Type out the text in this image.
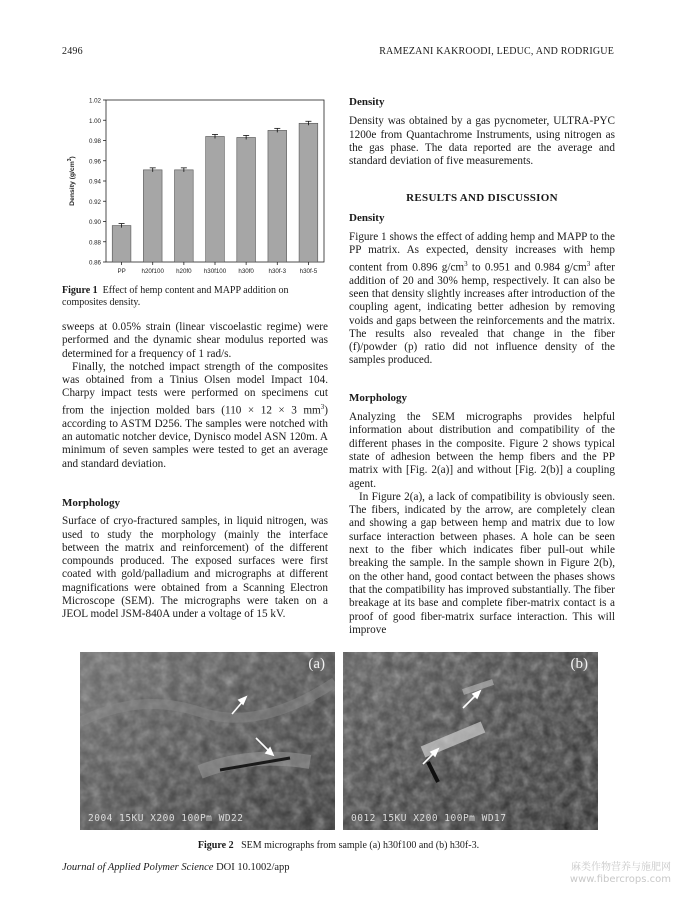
2496	RAMEZANI KAKROODI, LEDUC, AND RODRIGUE
0.86
0.88
0.90
0.92
0.94
0.96
0.98
1.00
1.02
PP	h20f100 h20f0 h30f100 h30f0 h30f-3 h30f-5
Density $(g/cm^3)$
Figure 1 Effect of hemp content and MAPP addition on composites density.

sweeps at 0.05% strain (linear viscoelastic regime) were performed and the dynamic shear modulus reported was determined for a frequency of 1 rad/s.

Finally, the notched impact strength of the composites was obtained from a Tinius Olsen model Impact 104. Charpy impact tests were performed on specimens cut from the injection molded bars (110 × 12 × 3 $mm^3$) according to ASTM D256. The samples were notched with an automatic notcher device, Dynisco model ASN 120m. A minimum of seven samples were tested to get an average and standard deviation.

Morphology

Surface of cryo-fractured samples, in liquid nitrogen, was used to study the morphology (mainly the interface between the matrix and reinforcement) of the different compounds produced. The exposed surfaces were first coated with gold/palladium and micrographs at different magnifications were obtained from a Scanning Electron Microscope (SEM). The micrographs were taken on a JEOL model JSM-840A under a voltage of 15 kV.

Density

Density was obtained by a gas pycnometer, ULTRA-PYC 1200e from Quantachrome Instruments, using nitrogen as the gas phase. The data reported are the average and standard deviation of five measurements.

RESULTS AND DISCUSSION

Density

Figure 1 shows the effect of adding hemp and MAPP to the PP matrix. As expected, density increases with hemp content from 0.896 $g/cm^3$ to 0.951 and 0.984 $g/cm^3$ after addition of 20 and 30% hemp, respectively. It can also be seen that density slightly increases after introduction of the coupling agent, indicating better adhesion by removing voids and gaps between the reinforcements and the matrix. The results also revealed that change in the fiber (f)/powder (p) ratio did not influence density of the samples produced.

Morphology

Analyzing the SEM micrographs provides helpful information about distribution and compatibility of the different phases in the composite. Figure 2 shows typical state of adhesion between the hemp fibers and the PP matrix with [Fig. 2(a)] and without [Fig. 2(b)] a coupling agent.

In Figure 2(a), a lack of compatibility is obviously seen. The fibers, indicated by the arrow, are completely clean and showing a gap between hemp and matrix due to low surface interaction between phases. A hole can be seen next to the fiber which indicates fiber pull-out while breaking the sample. In the sample shown in Figure 2(b), on the other hand, good contact between the phases shows that the compatibility has improved substantially. The fiber breakage at its base and complete fiber-matrix contact is a proof of good fiber-matrix surface interaction. This will improve

(a)
2004 15KU X200 100Pm WD22
(b)
0012 15KU X200 100Pm WD17
Figure 2 SEM micrographs from sample (a) h30f100 and (b) h30f-3.
Journal of Applied Polymer Science DOI 10.1002/app	麻类作物营养与施肥网
www.fibercrops.com
